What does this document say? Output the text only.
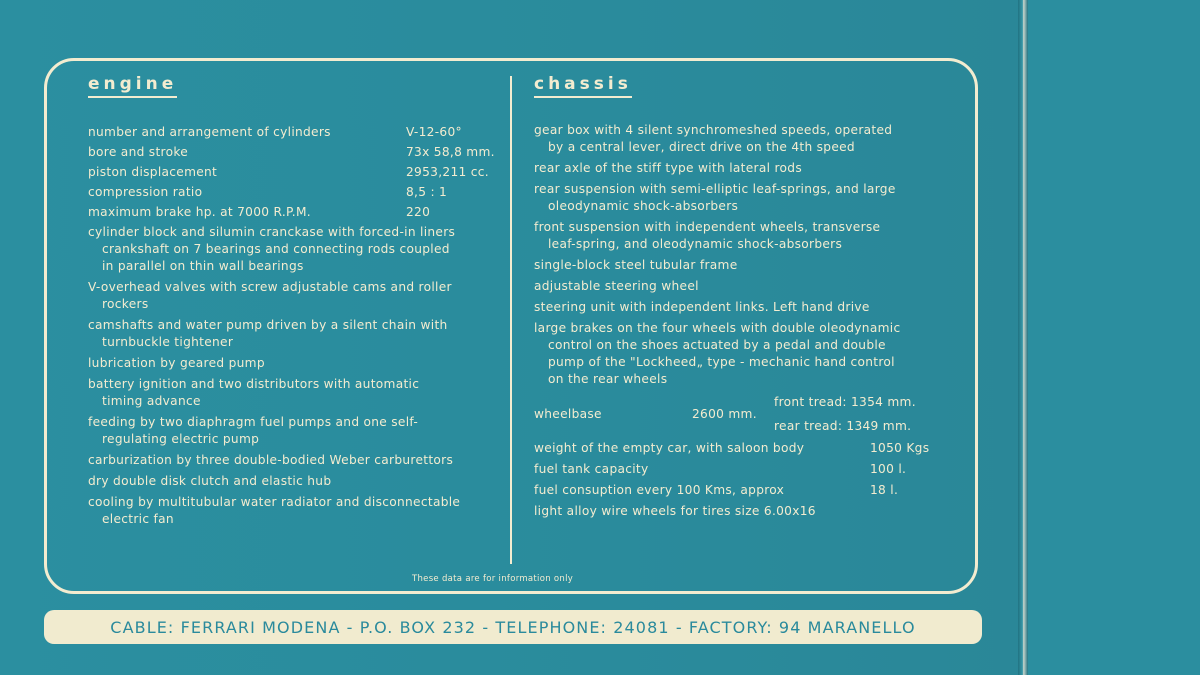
engine	chassis
number and arrangement of cylinders	V-12-60°
bore and stroke	73x 58,8 mm.
piston displacement	2953,211 cc.
compression ratio	8,5 : 1
maximum brake hp. at 7000 R.P.M.	220
cylinder block and silumin cranckase with forced-in liners
crankshaft on 7 bearings and connecting rods coupled
in parallel on thin wall bearings
V-overhead valves with screw adjustable cams and roller
rockers
camshafts and water pump driven by a silent chain with
turnbuckle tightener
lubrication by geared pump
battery ignition and two distributors with automatic
timing advance
feeding by two diaphragm fuel pumps and one self-
regulating electric pump
carburization by three double-bodied Weber carburettors
dry double disk clutch and elastic hub
cooling by multitubular water radiator and disconnectable
electric fan
gear box with 4 silent synchromeshed speeds, operated
by a central lever, direct drive on the 4th speed
rear axle of the stiff type with lateral rods
rear suspension with semi-elliptic leaf-springs, and large
oleodynamic shock-absorbers
front suspension with independent wheels, transverse
leaf-spring, and oleodynamic shock-absorbers
single-block steel tubular frame
adjustable steering wheel
steering unit with independent links. Left hand drive
large brakes on the four wheels with double oleodynamic
control on the shoes actuated by a pedal and double
pump of the "Lockheed„ type - mechanic hand control
on the rear wheels
wheelbase	2600 mm.
front tread: 1354 mm.
rear tread: 1349 mm.
weight of the empty car, with saloon body	1050 Kgs
fuel tank capacity	100 l.
fuel consuption every 100 Kms, approx	18 l.
light alloy wire wheels for tires size 6.00x16
These data are for information only
CABLE: FERRARI MODENA - P.O. BOX 232 - TELEPHONE: 24081 - FACTORY: 94 MARANELLO
